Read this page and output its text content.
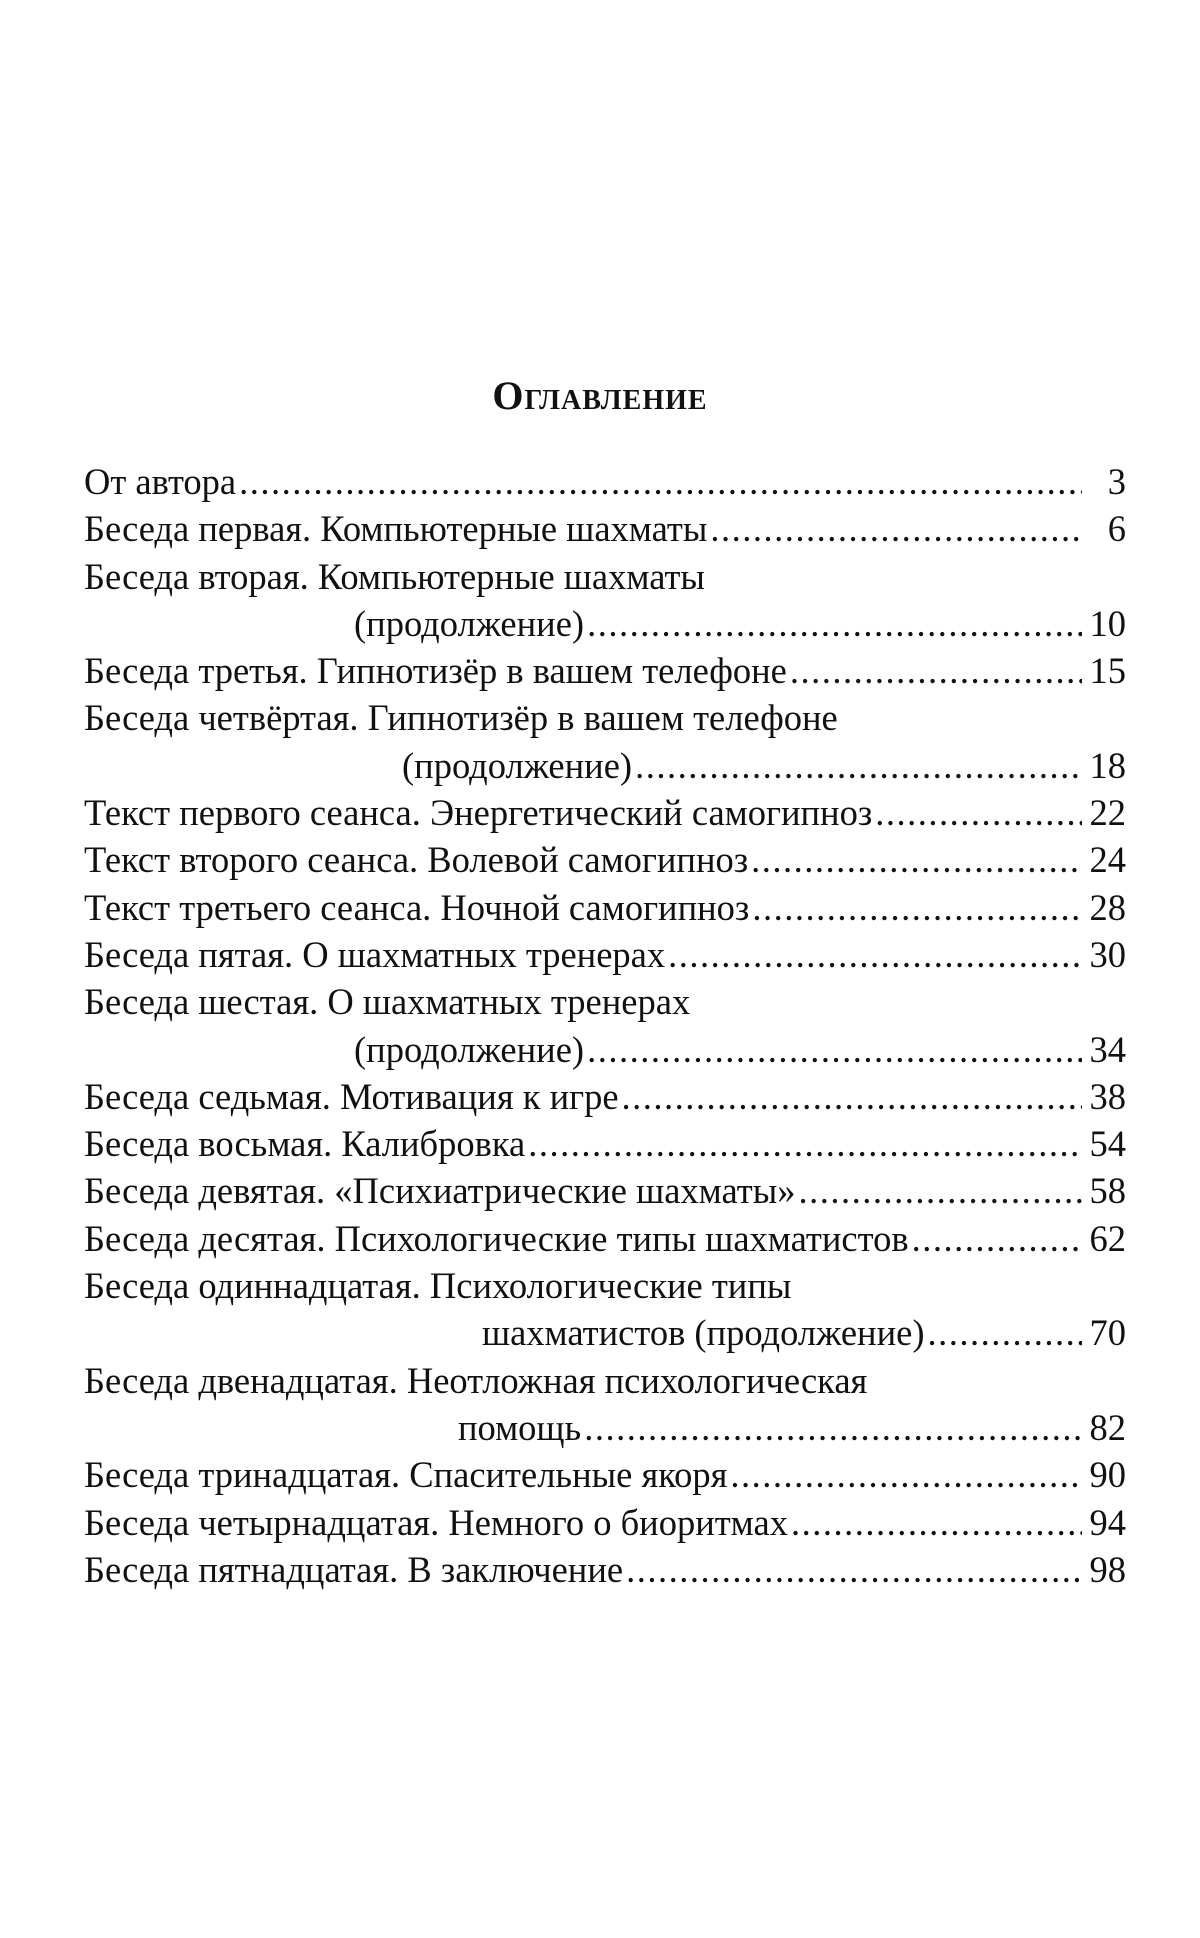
Оглавление
От автора .....	3
Беседа первая. Компьютерные шахматы .....	6
Беседа вторая. Компьютерные шахматы
(продолжение) .....	10
Беседа третья. Гипнотизёр в вашем телефоне .....	15
Беседа четвёртая. Гипнотизёр в вашем телефоне
(продолжение) .....	18
Текст первого сеанса. Энергетический самогипноз .....	22
Текст второго сеанса. Волевой самогипноз .....	24
Текст третьего сеанса. Ночной самогипноз .....	28
Беседа пятая. О шахматных тренерах .....	30
Беседа шестая. О шахматных тренерах
(продолжение) .....	34
Беседа седьмая. Мотивация к игре .....	38
Беседа восьмая. Калибровка .....	54
Беседа девятая. «Психиатрические шахматы» .....	58
Беседа десятая. Психологические типы шахматистов .....	62
Беседа одиннадцатая. Психологические типы
шахматистов (продолжение) .....	70
Беседа двенадцатая. Неотложная психологическая
помощь .....	82
Беседа тринадцатая. Спасительные якоря .....	90
Беседа четырнадцатая. Немного о биоритмах .....	94
Беседа пятнадцатая. В заключение .....	98
